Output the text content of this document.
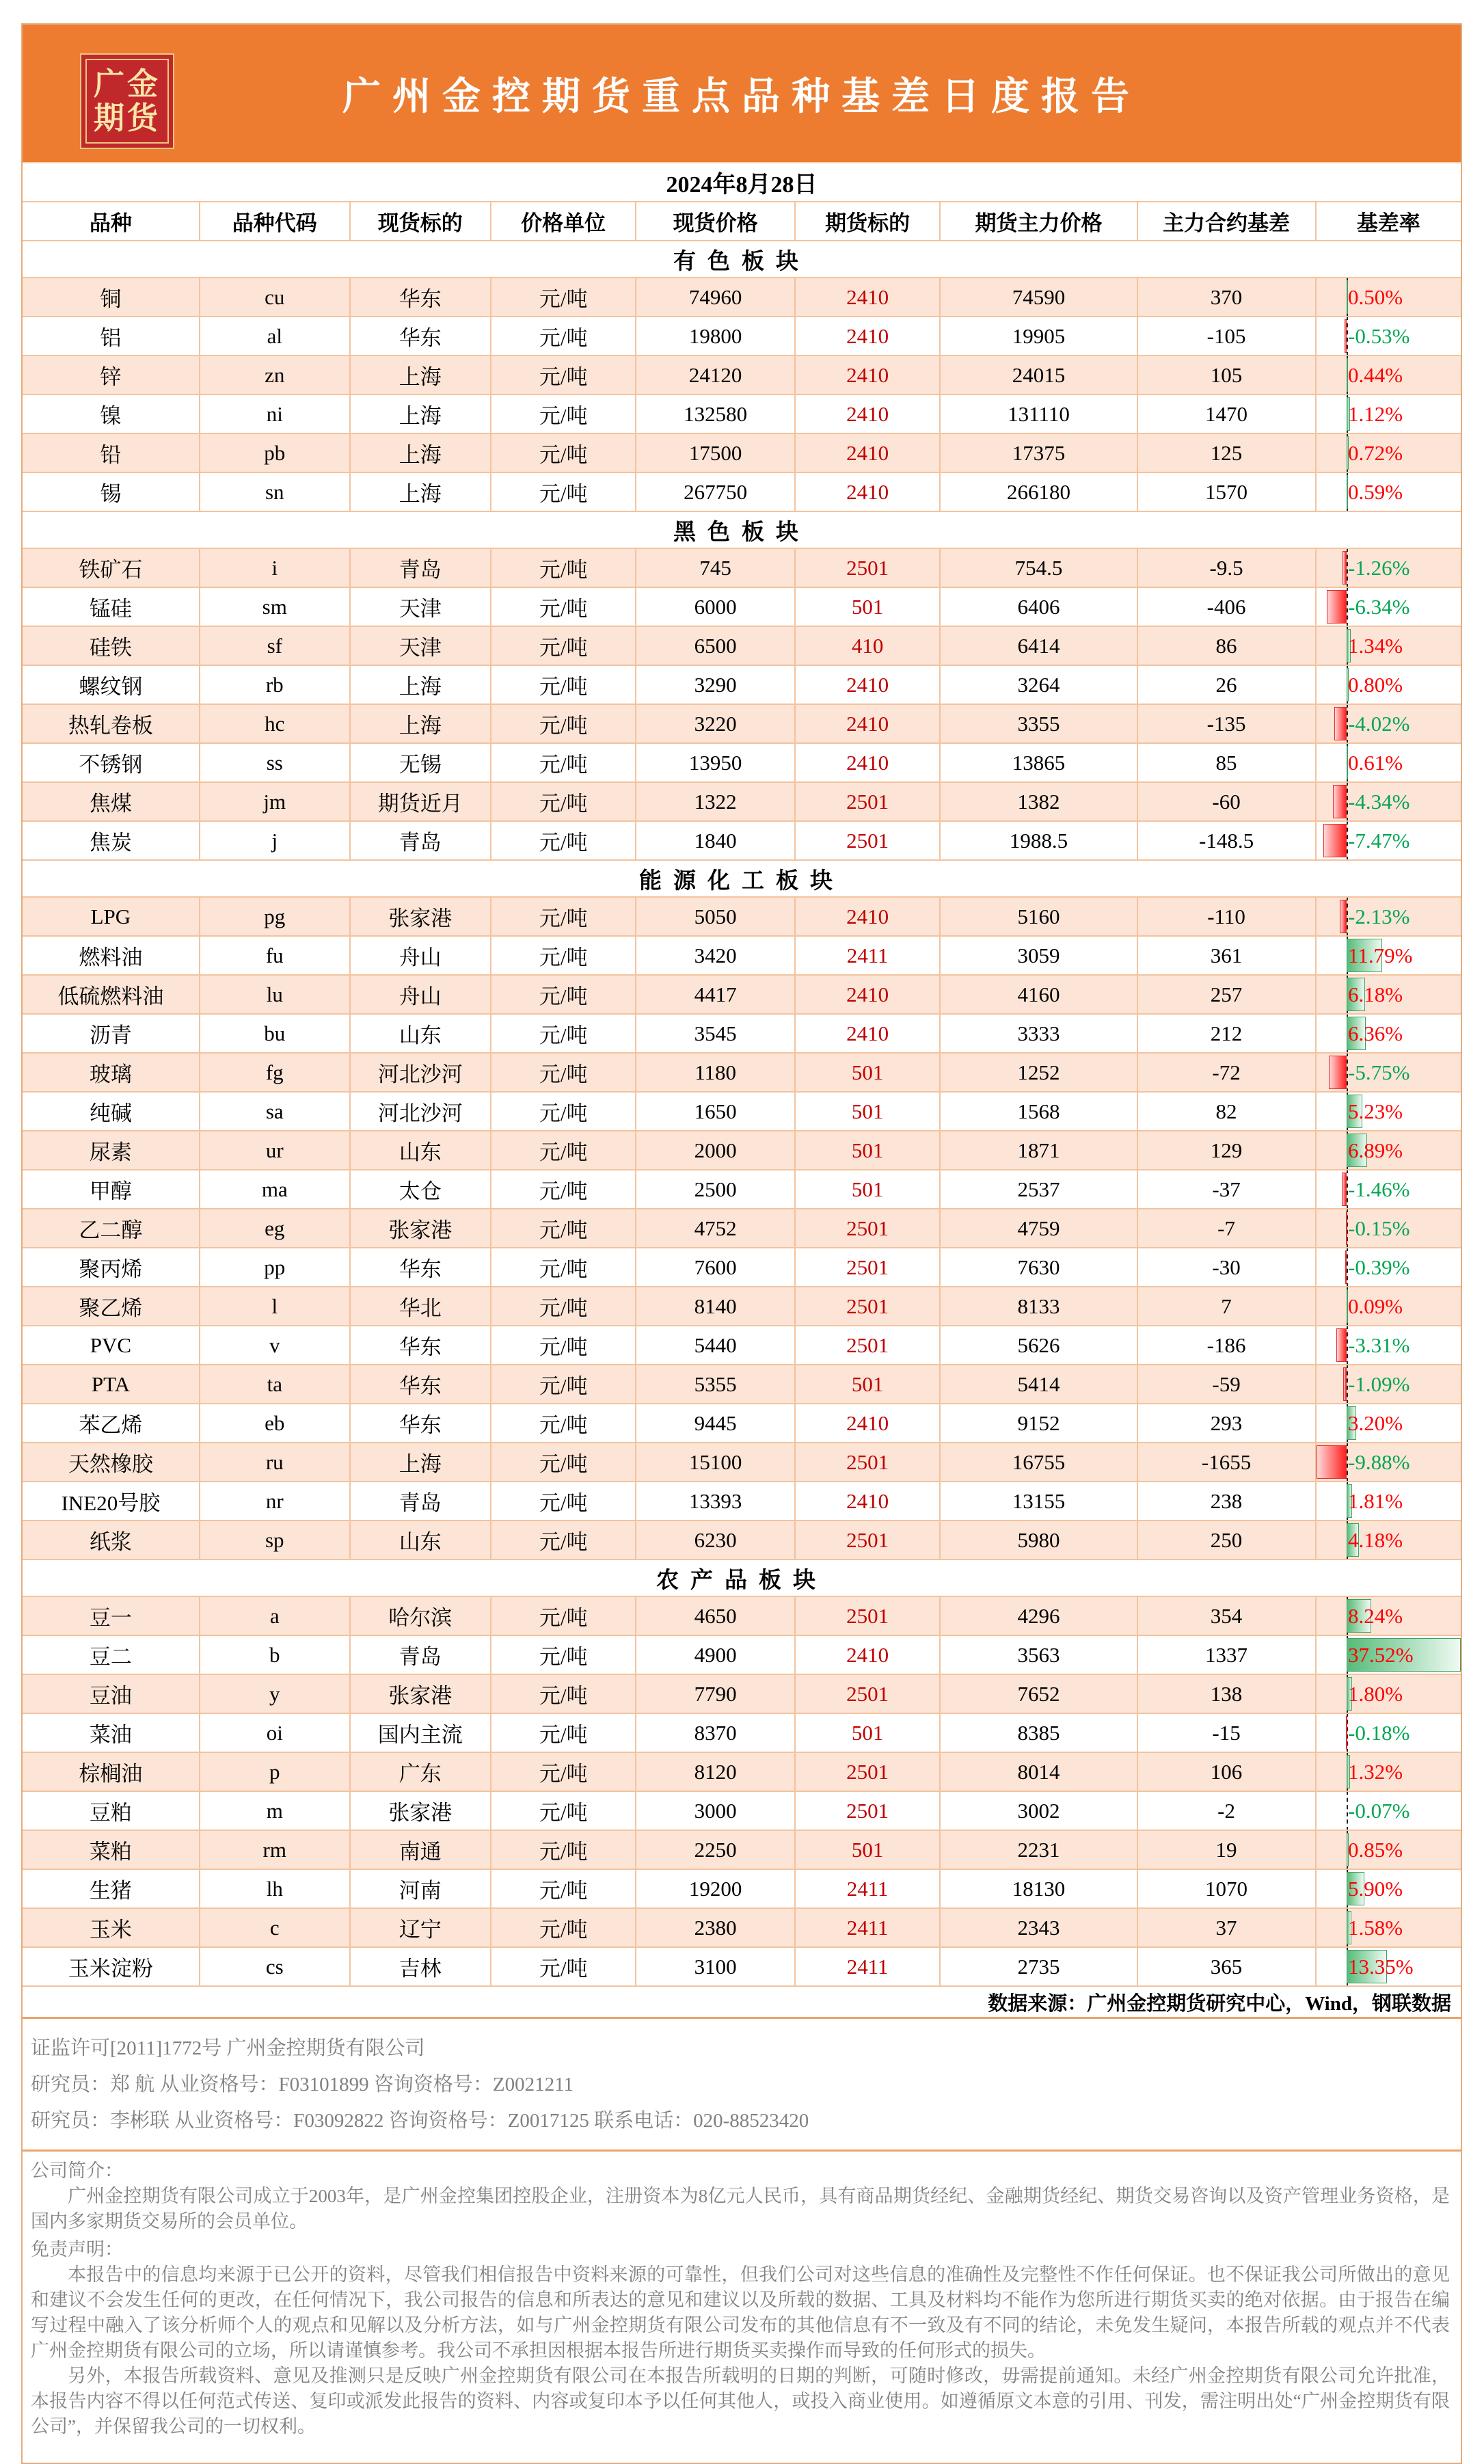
广金
期货
广州金控期货重点品种基差日度报告
2024年8月28日
品种	品种代码	现货标的	价格单位	现货价格	期货标的	期货主力价格	主力合约基差	基差率
有色板块
铜	cu	华东	元/吨	74960	2410	74590	370	0.50%
铝	al	华东	元/吨	19800	2410	19905	-105	-0.53%
锌	zn	上海	元/吨	24120	2410	24015	105	0.44%
镍	ni	上海	元/吨	132580	2410	131110	1470	1.12%
铅	pb	上海	元/吨	17500	2410	17375	125	0.72%
锡	sn	上海	元/吨	267750	2410	266180	1570	0.59%
黑色板块
铁矿石	i	青岛	元/吨	745	2501	754.5	-9.5	-1.26%
锰硅	sm	天津	元/吨	6000	501	6406	-406	-6.34%
硅铁	sf	天津	元/吨	6500	410	6414	86	1.34%
螺纹钢	rb	上海	元/吨	3290	2410	3264	26	0.80%
热轧卷板	hc	上海	元/吨	3220	2410	3355	-135	-4.02%
不锈钢	ss	无锡	元/吨	13950	2410	13865	85	0.61%
焦煤	jm	期货近月	元/吨	1322	2501	1382	-60	-4.34%
焦炭	j	青岛	元/吨	1840	2501	1988.5	-148.5	-7.47%
能源化工板块
LPG	pg	张家港	元/吨	5050	2410	5160	-110	-2.13%
燃料油	fu	舟山	元/吨	3420	2411	3059	361	11.79%
低硫燃料油	lu	舟山	元/吨	4417	2410	4160	257	6.18%
沥青	bu	山东	元/吨	3545	2410	3333	212	6.36%
玻璃	fg	河北沙河	元/吨	1180	501	1252	-72	-5.75%
纯碱	sa	河北沙河	元/吨	1650	501	1568	82	5.23%
尿素	ur	山东	元/吨	2000	501	1871	129	6.89%
甲醇	ma	太仓	元/吨	2500	501	2537	-37	-1.46%
乙二醇	eg	张家港	元/吨	4752	2501	4759	-7	-0.15%
聚丙烯	pp	华东	元/吨	7600	2501	7630	-30	-0.39%
聚乙烯	l	华北	元/吨	8140	2501	8133	7	0.09%
PVC	v	华东	元/吨	5440	2501	5626	-186	-3.31%
PTA	ta	华东	元/吨	5355	501	5414	-59	-1.09%
苯乙烯	eb	华东	元/吨	9445	2410	9152	293	3.20%
天然橡胶	ru	上海	元/吨	15100	2501	16755	-1655	-9.88%
INE20号胶	nr	青岛	元/吨	13393	2410	13155	238	1.81%
纸浆	sp	山东	元/吨	6230	2501	5980	250	4.18%
农产品板块
豆一	a	哈尔滨	元/吨	4650	2501	4296	354	8.24%
豆二	b	青岛	元/吨	4900	2410	3563	1337	37.52%
豆油	y	张家港	元/吨	7790	2501	7652	138	1.80%
菜油	oi	国内主流	元/吨	8370	501	8385	-15	-0.18%
棕榈油	p	广东	元/吨	8120	2501	8014	106	1.32%
豆粕	m	张家港	元/吨	3000	2501	3002	-2	-0.07%
菜粕	rm	南通	元/吨	2250	501	2231	19	0.85%
生猪	lh	河南	元/吨	19200	2411	18130	1070	5.90%
玉米	c	辽宁	元/吨	2380	2411	2343	37	1.58%
玉米淀粉	cs	吉林	元/吨	3100	2411	2735	365	13.35%
数据来源：广州金控期货研究中心，Wind，钢联数据
证监许可[2011]1772号 广州金控期货有限公司
研究员：郑 航 从业资格号：F03101899 咨询资格号：Z0021211
研究员：李彬联 从业资格号：F03092822 咨询资格号：Z0017125 联系电话：020-88523420
公司简介：

广州金控期货有限公司成立于2003年，是广州金控集团控股企业，注册资本为8亿元人民币，具有商品期货经纪、金融期货经纪、期货交易咨询以及资产管理业务资格，是国内多家期货交易所的会员单位。

免责声明：

本报告中的信息均来源于已公开的资料，尽管我们相信报告中资料来源的可靠性，但我们公司对这些信息的准确性及完整性不作任何保证。也不保证我公司所做出的意见和建议不会发生任何的更改，在任何情况下，我公司报告的信息和所表达的意见和建议以及所载的数据、工具及材料均不能作为您所进行期货买卖的绝对依据。由于报告在编写过程中融入了该分析师个人的观点和见解以及分析方法，如与广州金控期货有限公司发布的其他信息有不一致及有不同的结论，未免发生疑问，本报告所载的观点并不代表广州金控期货有限公司的立场，所以请谨慎参考。我公司不承担因根据本报告所进行期货买卖操作而导致的任何形式的损失。

另外，本报告所载资料、意见及推测只是反映广州金控期货有限公司在本报告所载明的日期的判断，可随时修改，毋需提前通知。未经广州金控期货有限公司允许批准，本报告内容不得以任何范式传送、复印或派发此报告的资料、内容或复印本予以任何其他人，或投入商业使用。如遵循原文本意的引用、刊发，需注明出处“广州金控期货有限公司”，并保留我公司的一切权利。
